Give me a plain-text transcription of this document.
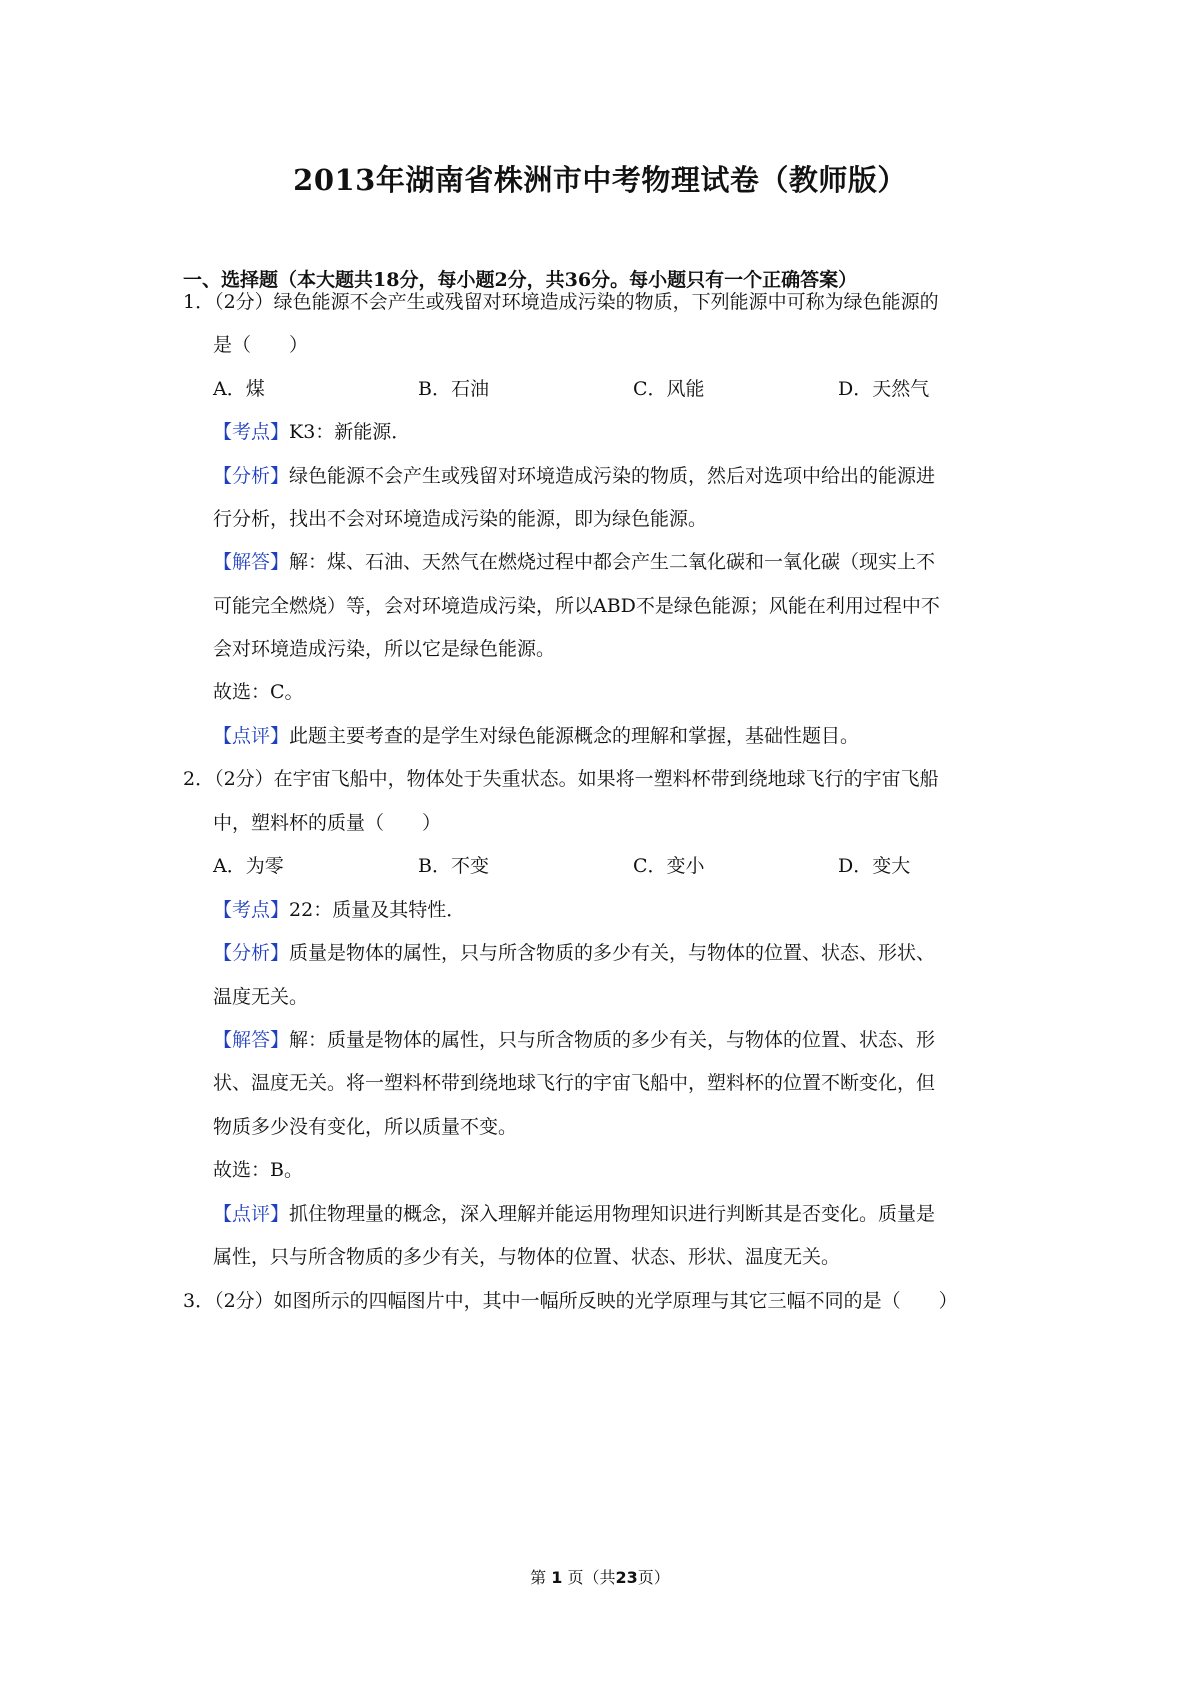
2013年湖南省株洲市中考物理试卷（教师版）
一、选择题（本大题共18分，每小题2分，共36分。每小题只有一个正确答案）
1．（2分）绿色能源不会产生或残留对环境造成污染的物质，下列能源中可称为绿色能源的
是（　　）
A．煤	B．石油	C．风能	D．天然气
【考点】K3：新能源．
【分析】绿色能源不会产生或残留对环境造成污染的物质，然后对选项中给出的能源进
行分析，找出不会对环境造成污染的能源，即为绿色能源。
【解答】解：煤、石油、天然气在燃烧过程中都会产生二氧化碳和一氧化碳（现实上不
可能完全燃烧）等，会对环境造成污染，所以ABD不是绿色能源；风能在利用过程中不
会对环境造成污染，所以它是绿色能源。
故选：C。
【点评】此题主要考查的是学生对绿色能源概念的理解和掌握，基础性题目。
2．（2分）在宇宙飞船中，物体处于失重状态。如果将一塑料杯带到绕地球飞行的宇宙飞船
中，塑料杯的质量（　　）
A．为零	B．不变	C．变小	D．变大
【考点】22：质量及其特性．
【分析】质量是物体的属性，只与所含物质的多少有关，与物体的位置、状态、形状、
温度无关。
【解答】解：质量是物体的属性，只与所含物质的多少有关，与物体的位置、状态、形
状、温度无关。将一塑料杯带到绕地球飞行的宇宙飞船中，塑料杯的位置不断变化，但
物质多少没有变化，所以质量不变。
故选：B。
【点评】抓住物理量的概念，深入理解并能运用物理知识进行判断其是否变化。质量是
属性，只与所含物质的多少有关，与物体的位置、状态、形状、温度无关。
3．（2分）如图所示的四幅图片中，其中一幅所反映的光学原理与其它三幅不同的是（　　）
第 1 页（共23页）
